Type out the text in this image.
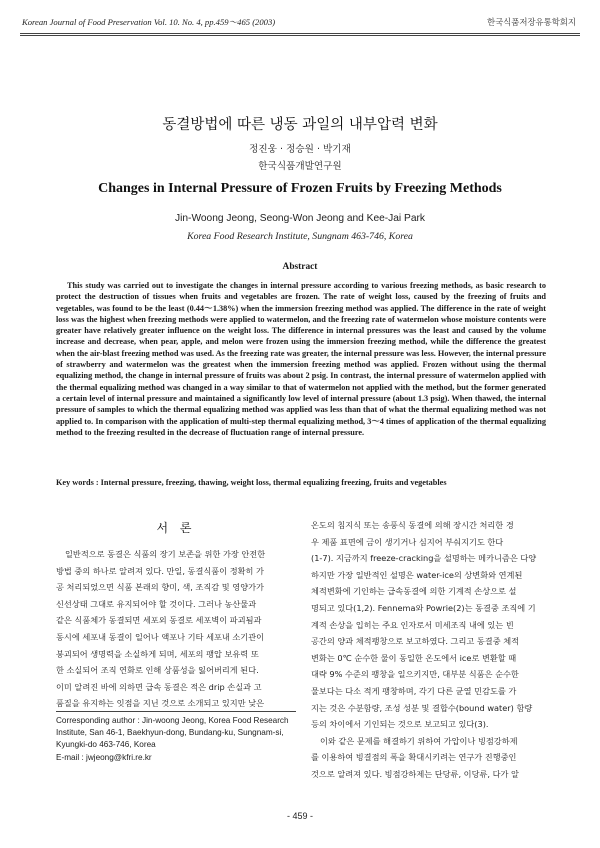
Korean Journal of Food Preservation Vol. 10. No. 4, pp.459～465 (2003)	한국식품저장유통학회지
동결방법에 따른 냉동 과일의 내부압력 변화
정진웅 · 정승원 · 박기재
한국식품개발연구원
Changes in Internal Pressure of Frozen Fruits by Freezing Methods
Jin-Woong Jeong, Seong-Won Jeong and Kee-Jai Park
Korea Food Research Institute, Sungnam 463-746, Korea
Abstract

This study was carried out to investigate the changes in internal pressure according to various freezing methods, as basic research to protect the destruction of tissues when fruits and vegetables are frozen. The rate of weight loss, caused by the freezing of fruits and vegetables, was found to be the least (0.44～1.38%) when the immersion freezing method was applied. The difference in the rate of weight loss was the highest when freezing methods were applied to watermelon, and the freezing rate of watermelon whose moisture contents were greater have relatively greater influence on the weight loss. The difference in internal pressures was the least and caused by the volume increase and decrease, when pear, apple, and melon were frozen using the immersion freezing method, while the difference the greatest when the air-blast freezing method was used. As the freezing rate was greater, the internal pressure was less. However, the internal pressure of strawberry and watermelon was the greatest when the immersion freezing method was applied. Frozen without using the thermal equalizing method, the change in internal pressure of fruits was about 2 psig. In contrast, the internal pressure of watermelon applied with the thermal equalizing method was changed in a way similar to that of watermelon not applied with the method, but the former generated a certain level of internal pressure and maintained a significantly low level of internal pressure (about 1.3 psig). When thawed, the internal pressure of samples to which the thermal equalizing method was applied was less than that of what the thermal equalizing method was not applied to. In comparison with the application of multi-step thermal equalizing method, 3～4 times of application of the thermal equalizing method to the freezing resulted in the decrease of fluctuation range of internal pressure.

Key words : Internal pressure, freezing, thawing, weight loss, thermal equalizing freezing, fruits and vegetables
서 론

일반적으로 동결은 식품의 장기 보존을 위한 가장 안전한

방법 중의 하나로 알려져 있다. 만일, 동결식품이 정확히 가

공 처리되었으면 식품 본래의 향미, 색, 조직감 및 영양가가

신선상태 그대로 유지되어야 할 것이다. 그러나 농산물과

같은 식품체가 동결되면 세포외 동결로 세포벽이 파괴됨과

동시에 세포내 동결이 일어나 액포나 기타 세포내 소기관이

붕괴되어 생명력을 소실하게 되며, 세포의 팽압 보유력 또

한 소실되어 조직 연화로 인해 상품성을 잃어버리게 된다.

이미 알려진 바에 의하면 급속 동결은 적은 drip 손실과 고

품질을 유지하는 잇점을 지닌 것으로 소개되고 있지만 낮은

Corresponding author : Jin-woong Jeong, Korea Food Research
Institute, San 46-1, Baekhyun-dong, Bundang-ku, Sungnam-si,
Kyungki-do 463-746, Korea
E-mail : jwjeong@kfri.re.kr

온도의 침지식 또는 송풍식 동결에 의해 장시간 처리한 경

우 제품 표면에 금이 생기거나 심지어 부숴지기도 한다

(1-7). 지금까지 freeze-cracking을 설명하는 메카니즘은 다양

하지만 가장 일반적인 설명은 water-ice의 상변화와 연계된

체적변화에 기인하는 급속동결에 의한 기계적 손상으로 설

명되고 있다(1,2). Fennema와 Powrie(2)는 동결중 조직에 기

계적 손상을 입히는 주요 인자로서 미세조직 내에 있는 빈

공간의 양과 체적팽창으로 보고하였다. 그리고 동결중 체적

변화는 0℃ 순수한 물이 동일한 온도에서 ice로 변환할 때

대략 9% 수준의 팽창을 일으키지만, 대부분 식품은 순수한

물보다는 다소 적게 팽창하며, 각기 다른 균열 민감도를 가

지는 것은 수분함량, 조성 성분 및 결합수(bound water) 함량

등의 차이에서 기인되는 것으로 보고되고 있다(3).

이와 같은 문제를 해결하기 위하여 가압이나 빙점강하제

를 이용하여 빙결점의 폭을 확대시키려는 연구가 진행중인

것으로 알려져 있다. 빙점강하제는 단당류, 이당류, 다가 알

- 459 -
